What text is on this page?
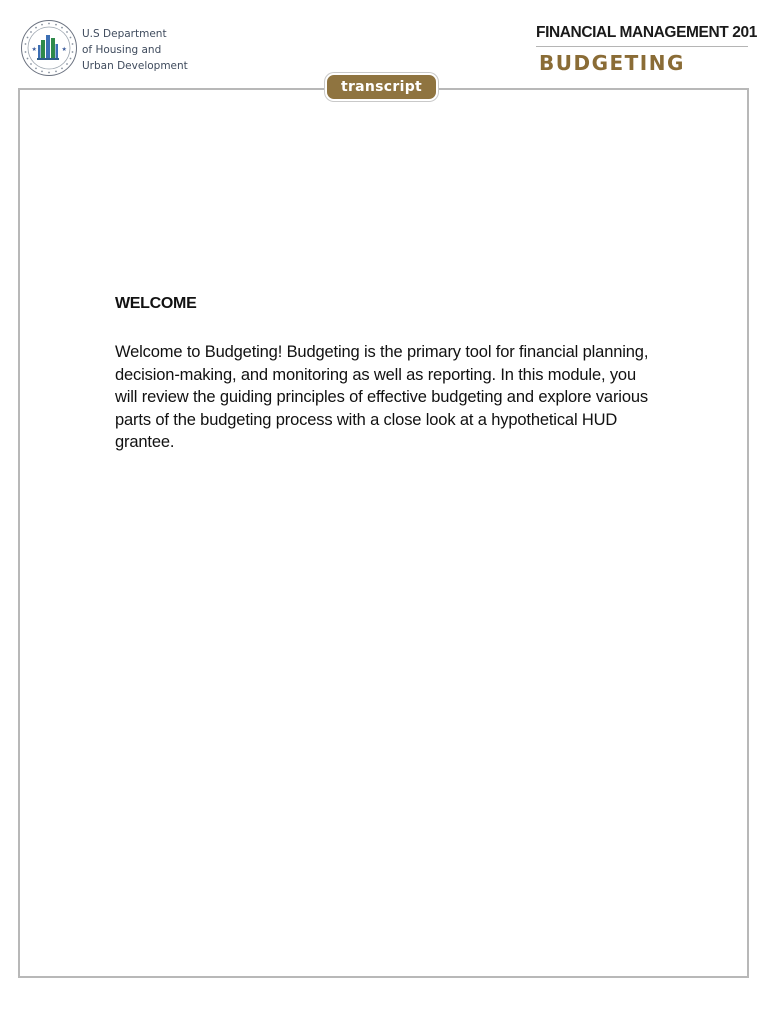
★	★
U.S Department
of Housing and
Urban Development
FINANCIAL MANAGEMENT 201
BUDGETING
transcript
WELCOME

Welcome to Budgeting! Budgeting is the primary tool for financial planning, decision-making, and monitoring as well as reporting. In this module, you will review the guiding principles of effective budgeting and explore various parts of the budgeting process with a close look at a hypothetical HUD grantee.
